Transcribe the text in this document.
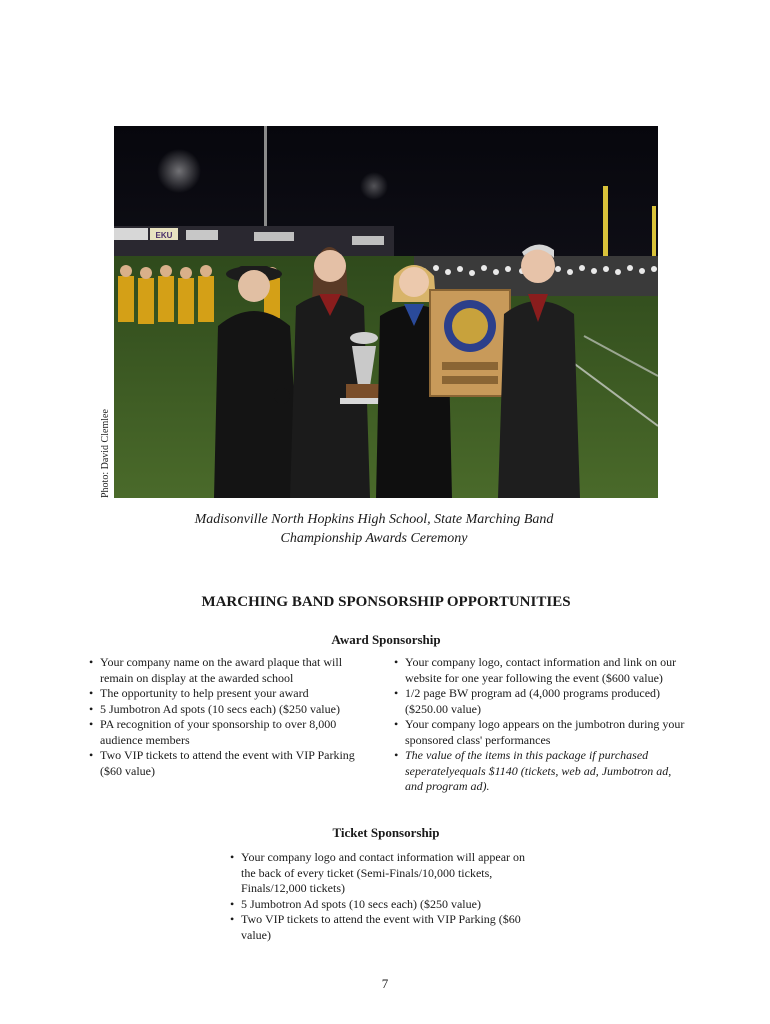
EKU
Photo: David Clemlee
Madisonville North Hopkins High School, State Marching Band
Championship Awards Ceremony
MARCHING BAND SPONSORSHIP OPPORTUNITIES
Award Sponsorship
• Your company name on the award plaque that will remain on display at the awarded school
• The opportunity to help present your award
• 5 Jumbotron Ad spots (10 secs each) ($250 value)
• PA recognition of your sponsorship to over 8,000 audience members
• Two VIP tickets to attend the event with VIP Parking ($60 value)
• Your company logo, contact information and link on our website for one year following the event ($600 value)
• 1/2 page BW program ad (4,000 programs produced) ($250.00 value)
• Your company logo appears on the jumbotron during your sponsored class' performances
• The value of the items in this package if purchased seperatelyequals $1140 (tickets, web ad, Jumbotron ad, and program ad).
Ticket Sponsorship
• Your company logo and contact information will appear on the back of every ticket (Semi-Finals/10,000 tickets, Finals/12,000 tickets)
• 5 Jumbotron Ad spots (10 secs each) ($250 value)
• Two VIP tickets to attend the event with VIP Parking ($60 value)
7
